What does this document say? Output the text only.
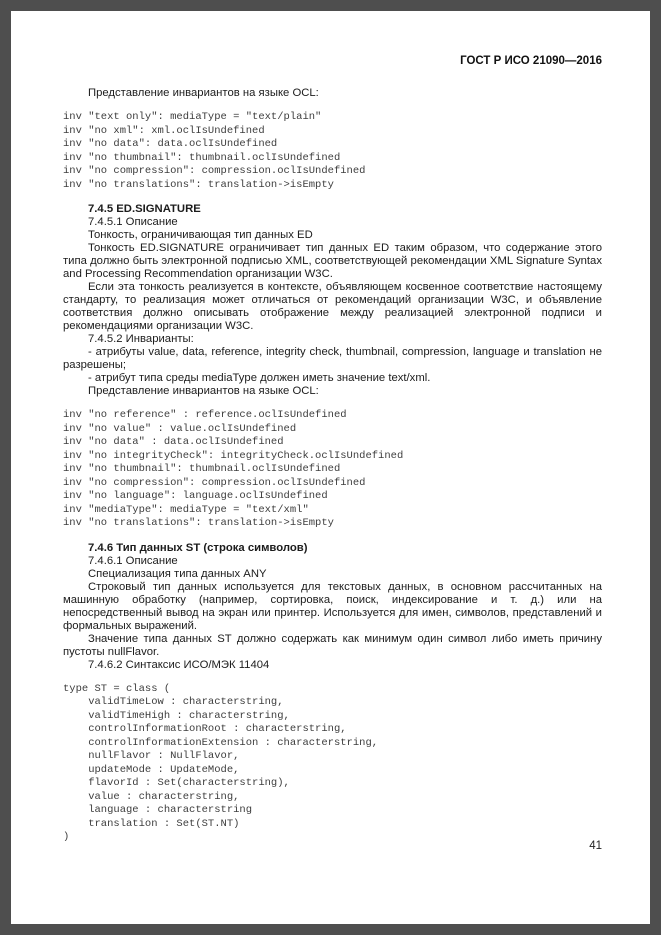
ГОСТ Р ИСО 21090—2016

Представление инвариантов на языке OCL:

inv "text only": mediaType = "text/plain"
inv "no xml": xml.oclIsUndefined
inv "no data": data.oclIsUndefined
inv "no thumbnail": thumbnail.oclIsUndefined
inv "no compression": compression.oclIsUndefined
inv "no translations": translation->isEmpty

7.4.5 ED.SIGNATURE

7.4.5.1 Описание

Тонкость, ограничивающая тип данных ED

Тонкость ED.SIGNATURE ограничивает тип данных ED таким образом, что содержание этого типа должно быть электронной подписью XML, соответствующей рекомендации XML Signature Syntax and Processing Recommendation организации W3C.

Если эта тонкость реализуется в контексте, объявляющем косвенное соответствие настоящему стандарту, то реализация может отличаться от рекомендаций организации W3C, и объявление соответствия должно описывать отображение между реализацией электронной подписи и рекомендациями организации W3C.

7.4.5.2 Инварианты:

- атрибуты value, data, reference, integrity check, thumbnail, compression, language и translation не разрешены;

- атрибут типа среды mediaType должен иметь значение text/xml.

Представление инвариантов на языке OCL:

inv "no reference" : reference.oclIsUndefined
inv "no value" : value.oclIsUndefined
inv "no data" : data.oclIsUndefined
inv "no integrityCheck": integrityCheck.oclIsUndefined
inv "no thumbnail": thumbnail.oclIsUndefined
inv "no compression": compression.oclIsUndefined
inv "no language": language.oclIsUndefined
inv "mediaType": mediaType = "text/xml"
inv "no translations": translation->isEmpty

7.4.6 Тип данных ST (строка символов)

7.4.6.1 Описание

Специализация типа данных ANY

Строковый тип данных используется для текстовых данных, в основном рассчитанных на машинную обработку (например, сортировка, поиск, индексирование и т. д.) или на непосредственный вывод на экран или принтер. Используется для имен, символов, представлений и формальных выражений.

Значение типа данных ST должно содержать как минимум один символ либо иметь причину пустоты nullFlavor.

7.4.6.2 Синтаксис ИСО/МЭК 11404

type ST = class (
validTimeLow : characterstring,
validTimeHigh : characterstring,
controlInformationRoot : characterstring,
controlInformationExtension : characterstring,
nullFlavor : NullFlavor,
updateMode : UpdateMode,
flavorId : Set(characterstring),
value : characterstring,
language : characterstring
translation : Set(ST.NT)
)
41
